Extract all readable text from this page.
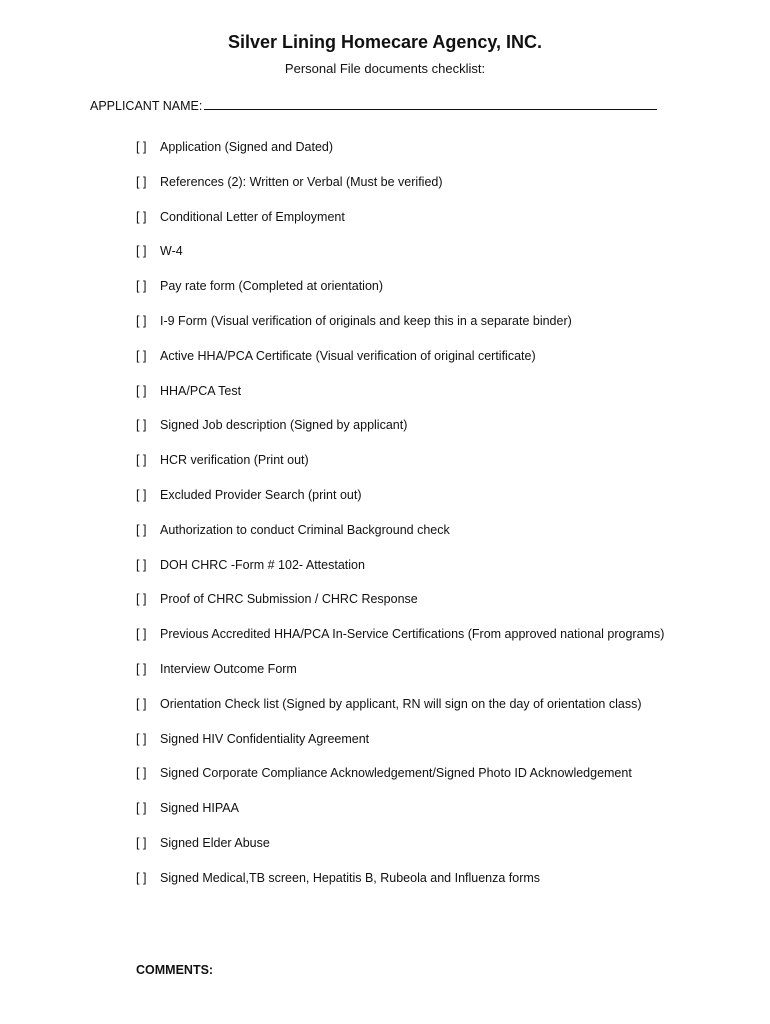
Silver Lining Homecare Agency, INC.

Personal File documents checklist:

APPLICANT NAME:
[ ] Application (Signed and Dated)
[ ] References (2): Written or Verbal (Must be verified)
[ ] Conditional Letter of Employment
[ ] W-4
[ ] Pay rate form (Completed at orientation)
[ ] I-9 Form (Visual verification of originals and keep this in a separate binder)
[ ] Active HHA/PCA Certificate (Visual verification of original certificate)
[ ] HHA/PCA Test
[ ] Signed Job description (Signed by applicant)
[ ] HCR verification (Print out)
[ ] Excluded Provider Search (print out)
[ ] Authorization to conduct Criminal Background check
[ ] DOH CHRC -Form # 102- Attestation
[ ] Proof of CHRC Submission / CHRC Response
[ ] Previous Accredited HHA/PCA In-Service Certifications (From approved national programs)
[ ] Interview Outcome Form
[ ] Orientation Check list (Signed by applicant, RN will sign on the day of orientation class)
[ ] Signed HIV Confidentiality Agreement
[ ] Signed Corporate Compliance Acknowledgement/Signed Photo ID Acknowledgement
[ ] Signed HIPAA
[ ] Signed Elder Abuse
[ ] Signed Medical,TB screen, Hepatitis B, Rubeola and Influenza forms
COMMENTS:
